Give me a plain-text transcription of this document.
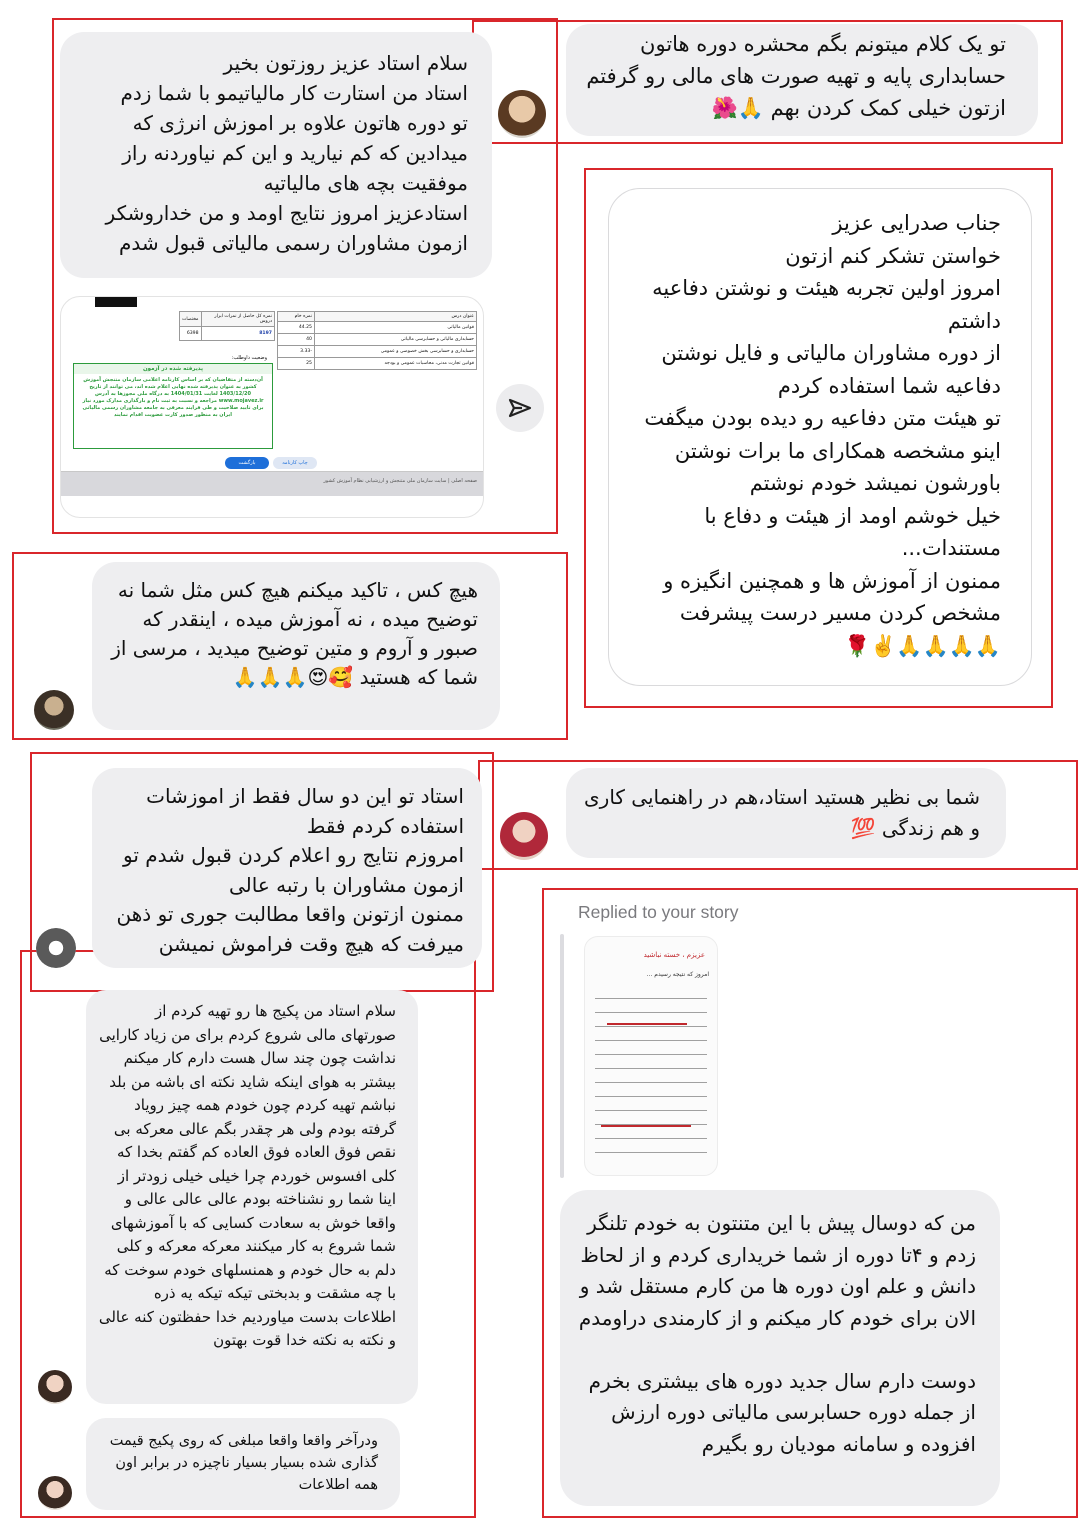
تو یک کلام میتونم بگم محشره دوره هاتون حسابداری پایه و تهیه صورت های مالی رو گرفتم ازتون خیلی کمک کردن بهم 🙏🌺
سلام استاد عزیز روزتون بخیر
استاد من استارت کار مالیاتیمو با شما زدم
تو دوره هاتون علاوه بر اموزش انرژی که میدادین که کم نیارید و این کم نیاوردنه راز موفقیت بچه های مالیاتیه
استادعزیز امروز نتایج اومد و من خداروشکر ازمون مشاوران رسمی مالیاتی قبول شدم
عنوان درس	نمره خام
قوانین مالیاتی	44.25
حسابداری مالیاتی و حسابرسی مالیاتی	40
حسابداری و حسابرسی بخش خصوصی و عمومی	-3.33
قوانین تجارت مدنی، محاسبات عمومی و بودجه	25
نمره کل حاصل از نمرات ابزار دروس	مختصات
8197	6398
وضعیت داوطلب:
پذیرفته شده در آزمون
آن‌دسته از متقاضیان که بر اساس کارنامه اعلامی سازمان متنجش آموزش کشور به عنوان پذیرفته شده نهایی اعلام شده اند، می توانند از تاریخ 1403/12/20 لغایت 1404/01/31 به درگاه ملی مجوزها به آدرس www.mojavez.ir مراجعه و نسبت به ثبت نام و بارگذاری مدارک مورد نیاز برای تایید صلاحیت و طی فرایند معرفی به جامعه مشاوران رسمی مالیاتی ایران به منظور صدور کارت عضویت اقدام نمایند
بازگشت	چاپ کارنامه
صفحه اصلی | سایت سازمان ملی متنجش و ارزشیابی نظام آموزش کشور
جناب صدرایی عزیز
خواستن تشکر کنم ازتون
امروز اولین تجربه هیئت و نوشتن دفاعیه داشتم
از دوره مشاوران مالیاتی و فایل نوشتن دفاعیه شما استفاده کردم
تو هیئت متن دفاعیه رو دیده بودن میگفت اینو مشخصه همکارای ما برات نوشتن باورشون نمیشد خودم نوشتم
خیل خوشم اومد از هیئت و دفاع با مستندات...
ممنون از آموزش ها و همچنین انگیزه و مشخص کردن مسیر درست پیشرفت
🙏🙏🙏🙏✌️🌹
هیچ کس ، تاکید میکنم هیچ کس مثل شما نه توضیح میده ، نه آموزش میده ، اینقدر که صبور و آروم و متین توضیح میدید ، مرسی از شما که هستید 🥰😍🙏🙏🙏
استاد تو این دو سال فقط از اموزشات استفاده کردم فقط
امروزم نتایج رو اعلام کردن قبول شدم تو ازمون مشاوران با رتبه عالی
ممنون ازتونن واقعا مطالبت جوری تو ذهن میرفت که هیچ وقت فراموش نمیشن
شما بی نظیر هستید استاد،هم در راهنمایی کاری و هم زندگی 💯
سلام استاد من پکیج ها رو تهیه کردم از صورتهای مالی شروع کردم برای من زیاد کارایی نداشت چون چند سال هست دارم کار میکنم بیشتر به هوای اینکه شاید نکته ای باشه من بلد نباشم تهیه کردم چون خودم همه چیز رویاد گرفته بودم ولی هر چقدر بگم عالی معرکه بی نقص فوق العاده فوق العاده کم گفتم بخدا که کلی افسوس خوردم چرا خیلی خیلی زودتر از اینا شما رو نشناخته بودم عالی عالی عالی و واقعا خوش به سعادت کسایی که با آموزشهای شما شروع به کار میکنند معرکه معرکه و کلی دلم به حال خودم و همنسلهای خودم سوخت که با چه مشقت و بدبختی تیکه تیکه یه ذره اطلاعات بدست میاوردیم خدا حفظتون کنه عالی و نکته به نکته خدا قوت بهتون
ودرآخر واقعا واقعا مبلغی که روی پکیج قیمت گذاری شده بسیار بسیار ناچیزه در برابر اون همه اطلاعات
Replied to your story
عزیزم ، خسته نباشید
امروز که نتیجه رسیدم ...
من که دوسال پیش با این متنتون به خودم تلنگر زدم و ۴تا دوره از شما خریداری کردم و از لحاظ دانش و علم اون دوره ها من کارم مستقل شد و الان برای خودم کار میکنم و از کارمندی دراومدم

دوست دارم سال جدید دوره های بیشتری بخرم از جمله دوره حسابرسی مالیاتی دوره ارزش افزوده و سامانه مودیان رو بگیرم
